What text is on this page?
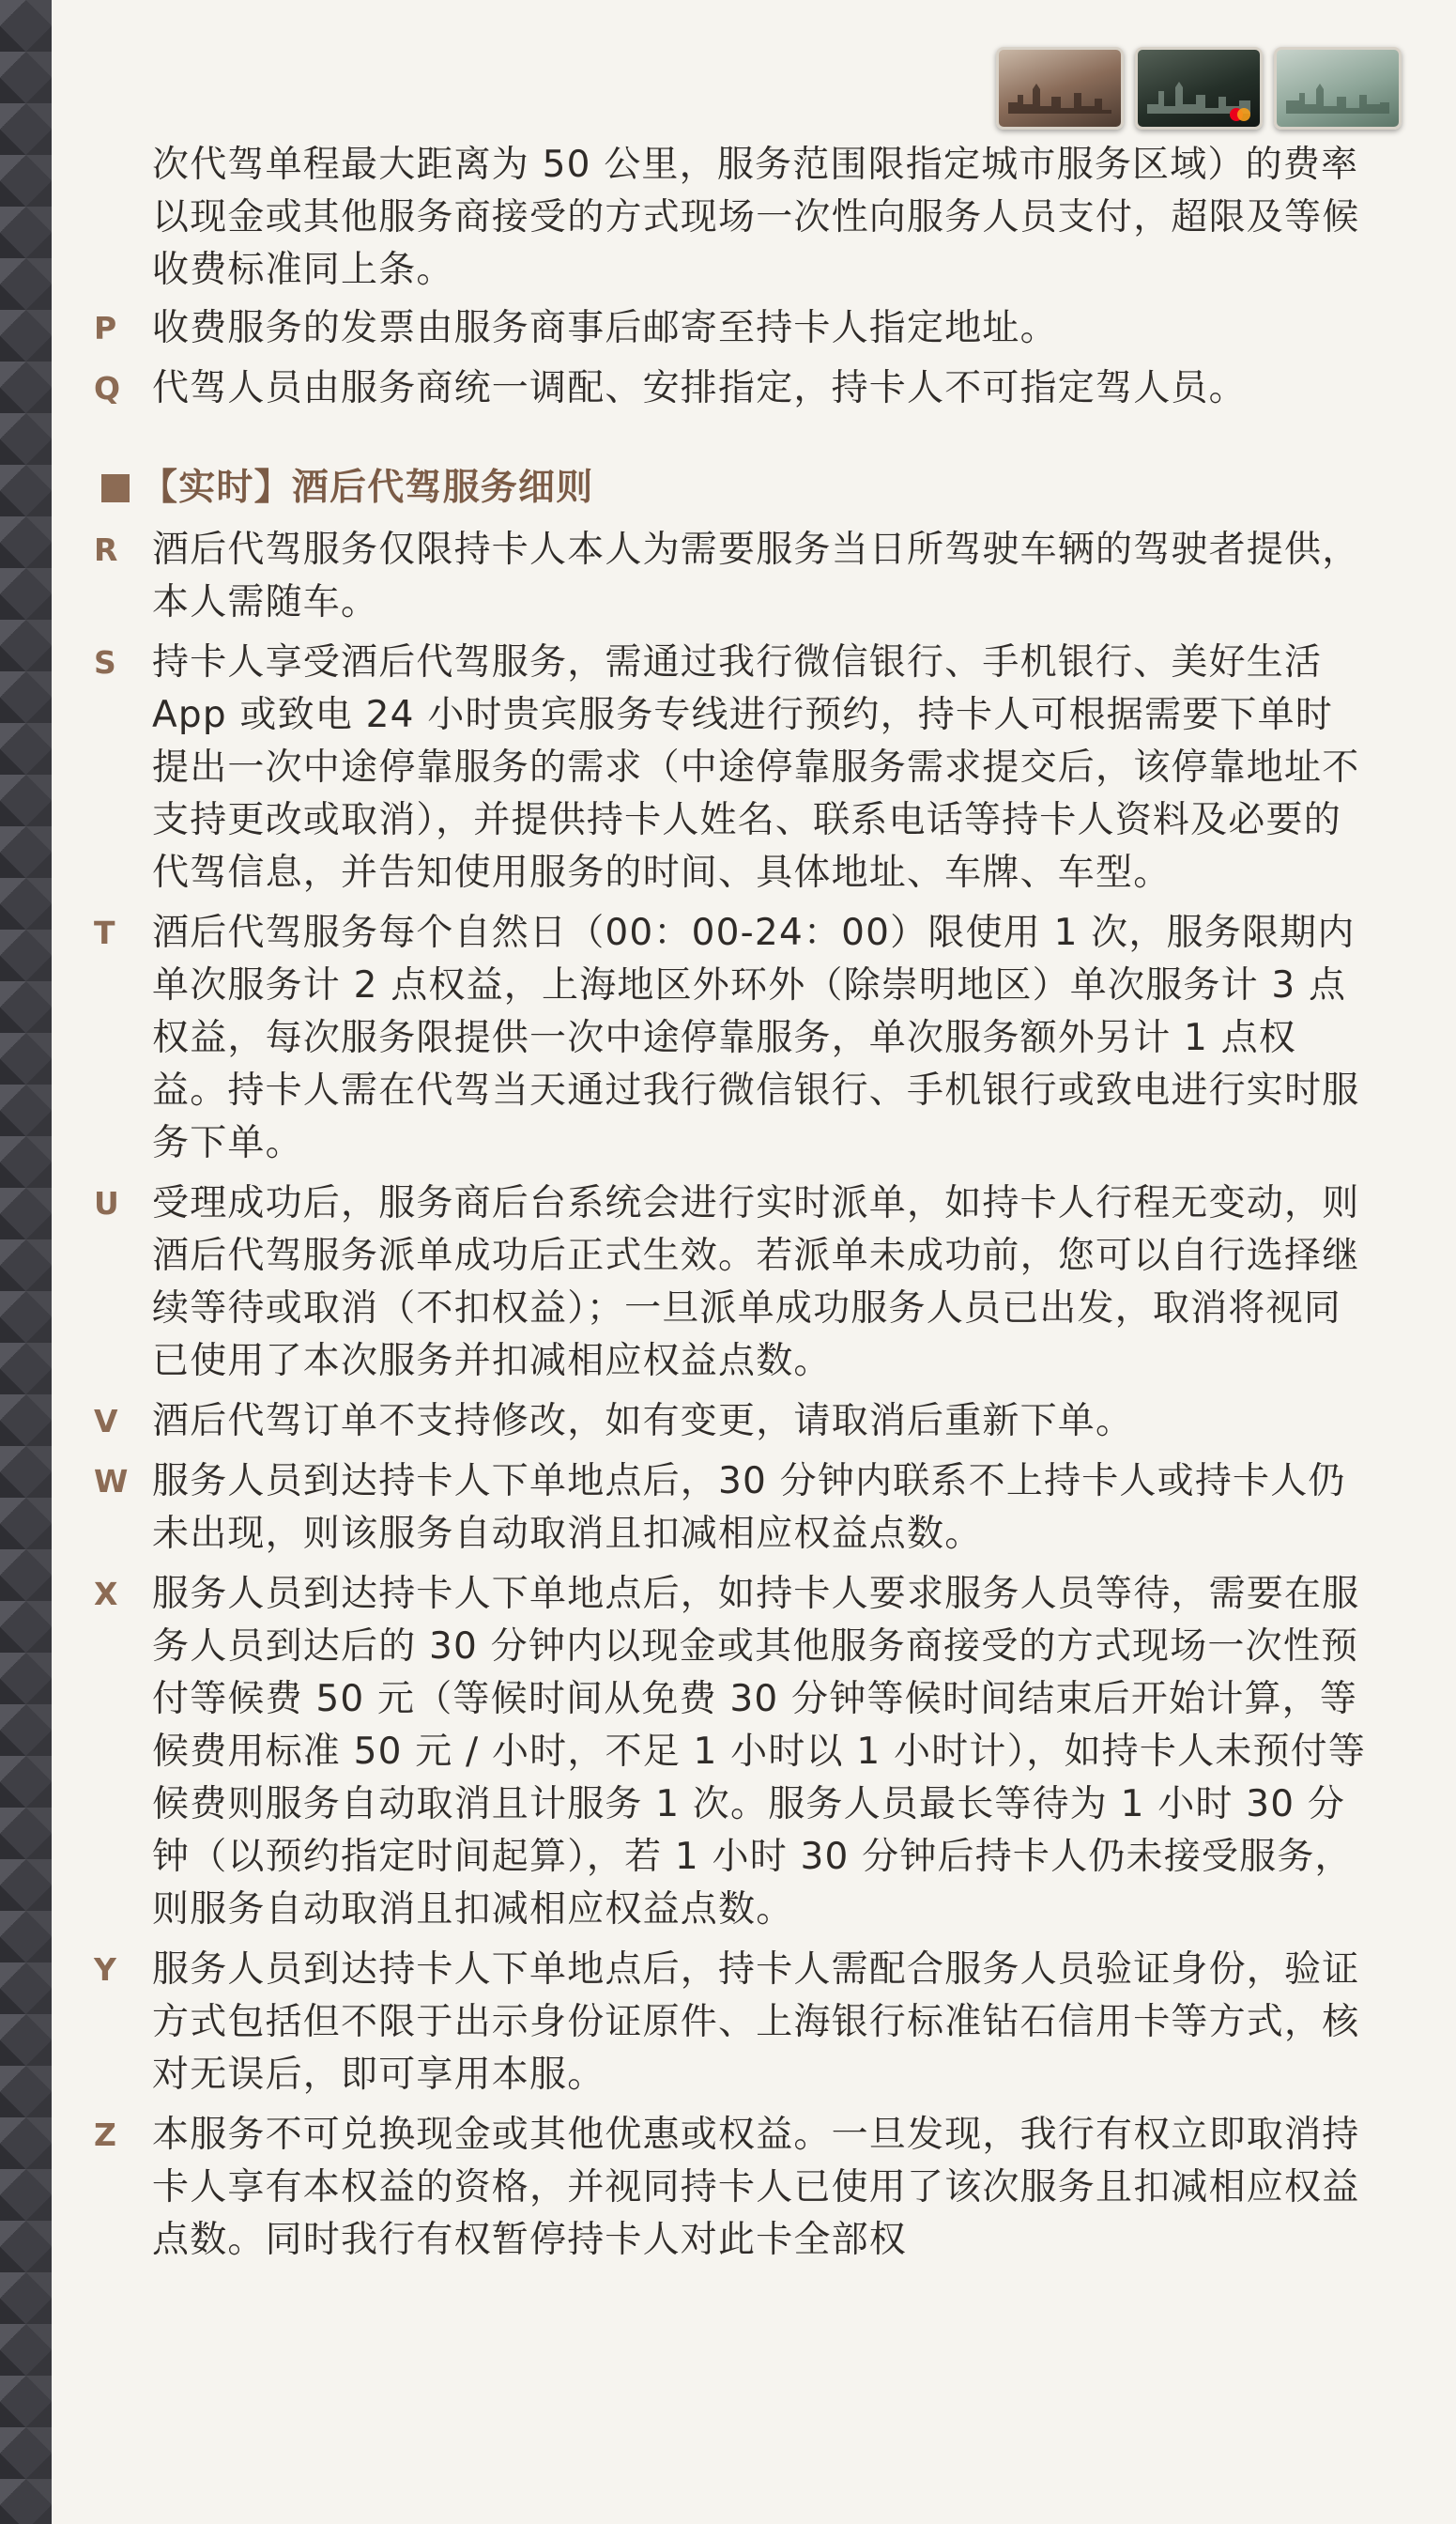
次代驾单程最大距离为 50 公里，服务范围限指定城市服务区域）的费率以现金或其他服务商接受的方式现场一次性向服务人员支付，超限及等候收费标准同上条。
P 收费服务的发票由服务商事后邮寄至持卡人指定地址。
Q 代驾人员由服务商统一调配、安排指定，持卡人不可指定驾人员。
【实时】酒后代驾服务细则
R 酒后代驾服务仅限持卡人本人为需要服务当日所驾驶车辆的驾驶者提供，本人需随车。
S 持卡人享受酒后代驾服务，需通过我行微信银行、手机银行、美好生活 App 或致电 24 小时贵宾服务专线进行预约，持卡人可根据需要下单时提出一次中途停靠服务的需求（中途停靠服务需求提交后，该停靠地址不支持更改或取消），并提供持卡人姓名、联系电话等持卡人资料及必要的代驾信息，并告知使用服务的时间、具体地址、车牌、车型。
T 酒后代驾服务每个自然日（00：00-24：00）限使用 1 次，服务限期内单次服务计 2 点权益，上海地区外环外（除崇明地区）单次服务计 3 点权益，每次服务限提供一次中途停靠服务，单次服务额外另计 1 点权益。持卡人需在代驾当天通过我行微信银行、手机银行或致电进行实时服务下单。
U 受理成功后，服务商后台系统会进行实时派单，如持卡人行程无变动，则酒后代驾服务派单成功后正式生效。若派单未成功前，您可以自行选择继续等待或取消（不扣权益）；一旦派单成功服务人员已出发，取消将视同已使用了本次服务并扣减相应权益点数。
V 酒后代驾订单不支持修改，如有变更，请取消后重新下单。
W 服务人员到达持卡人下单地点后，30 分钟内联系不上持卡人或持卡人仍未出现，则该服务自动取消且扣减相应权益点数。
X 服务人员到达持卡人下单地点后，如持卡人要求服务人员等待，需要在服务人员到达后的 30 分钟内以现金或其他服务商接受的方式现场一次性预付等候费 50 元（等候时间从免费 30 分钟等候时间结束后开始计算，等候费用标准 50 元 / 小时，不足 1 小时以 1 小时计），如持卡人未预付等候费则服务自动取消且计服务 1 次。服务人员最长等待为 1 小时 30 分钟（以预约指定时间起算），若 1 小时 30 分钟后持卡人仍未接受服务，则服务自动取消且扣减相应权益点数。
Y 服务人员到达持卡人下单地点后，持卡人需配合服务人员验证身份，验证方式包括但不限于出示身份证原件、上海银行标准钻石信用卡等方式，核对无误后，即可享用本服。
Z 本服务不可兑换现金或其他优惠或权益。一旦发现，我行有权立即取消持卡人享有本权益的资格，并视同持卡人已使用了该次服务且扣减相应权益点数。同时我行有权暂停持卡人对此卡全部权
